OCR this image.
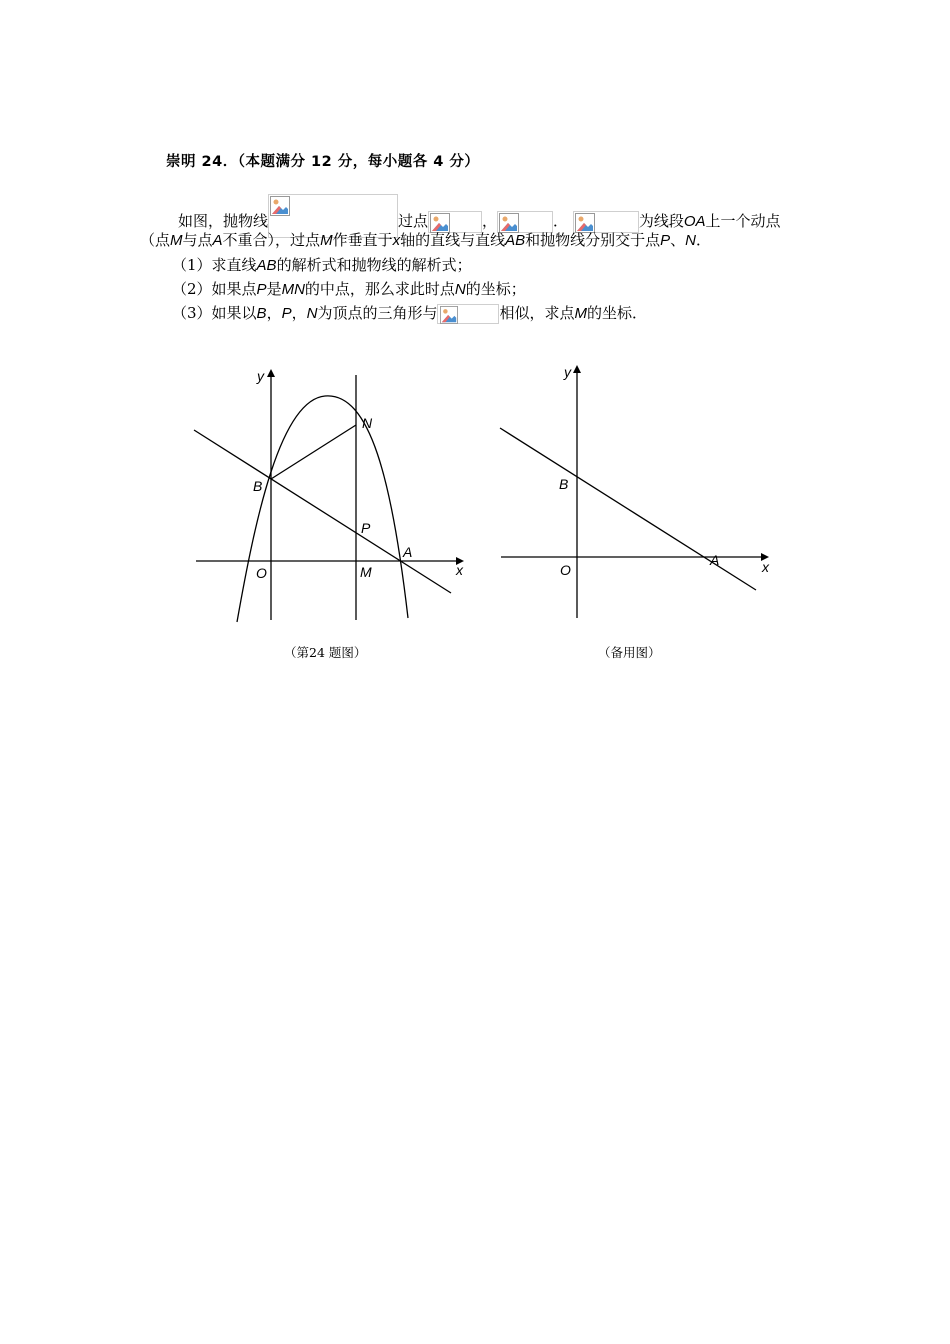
崇明 24．（本题满分 12 分，每小题各 4 分）
如图，抛物线	过点	，	．	为线段OA上一个动点
（点M与点A不重合），过点M作垂直于x轴的直线与直线AB和抛物线分别交于点P、N．
（1）求直线AB的解析式和抛物线的解析式；
（2）如果点P是MN的中点，那么求此时点N的坐标；
（3）如果以B，P，N为顶点的三角形与	相似，求点M的坐标．
y
x
O	M
A
B
P
N
（第24 题图）
y
x
O
A
B
（备用图）
